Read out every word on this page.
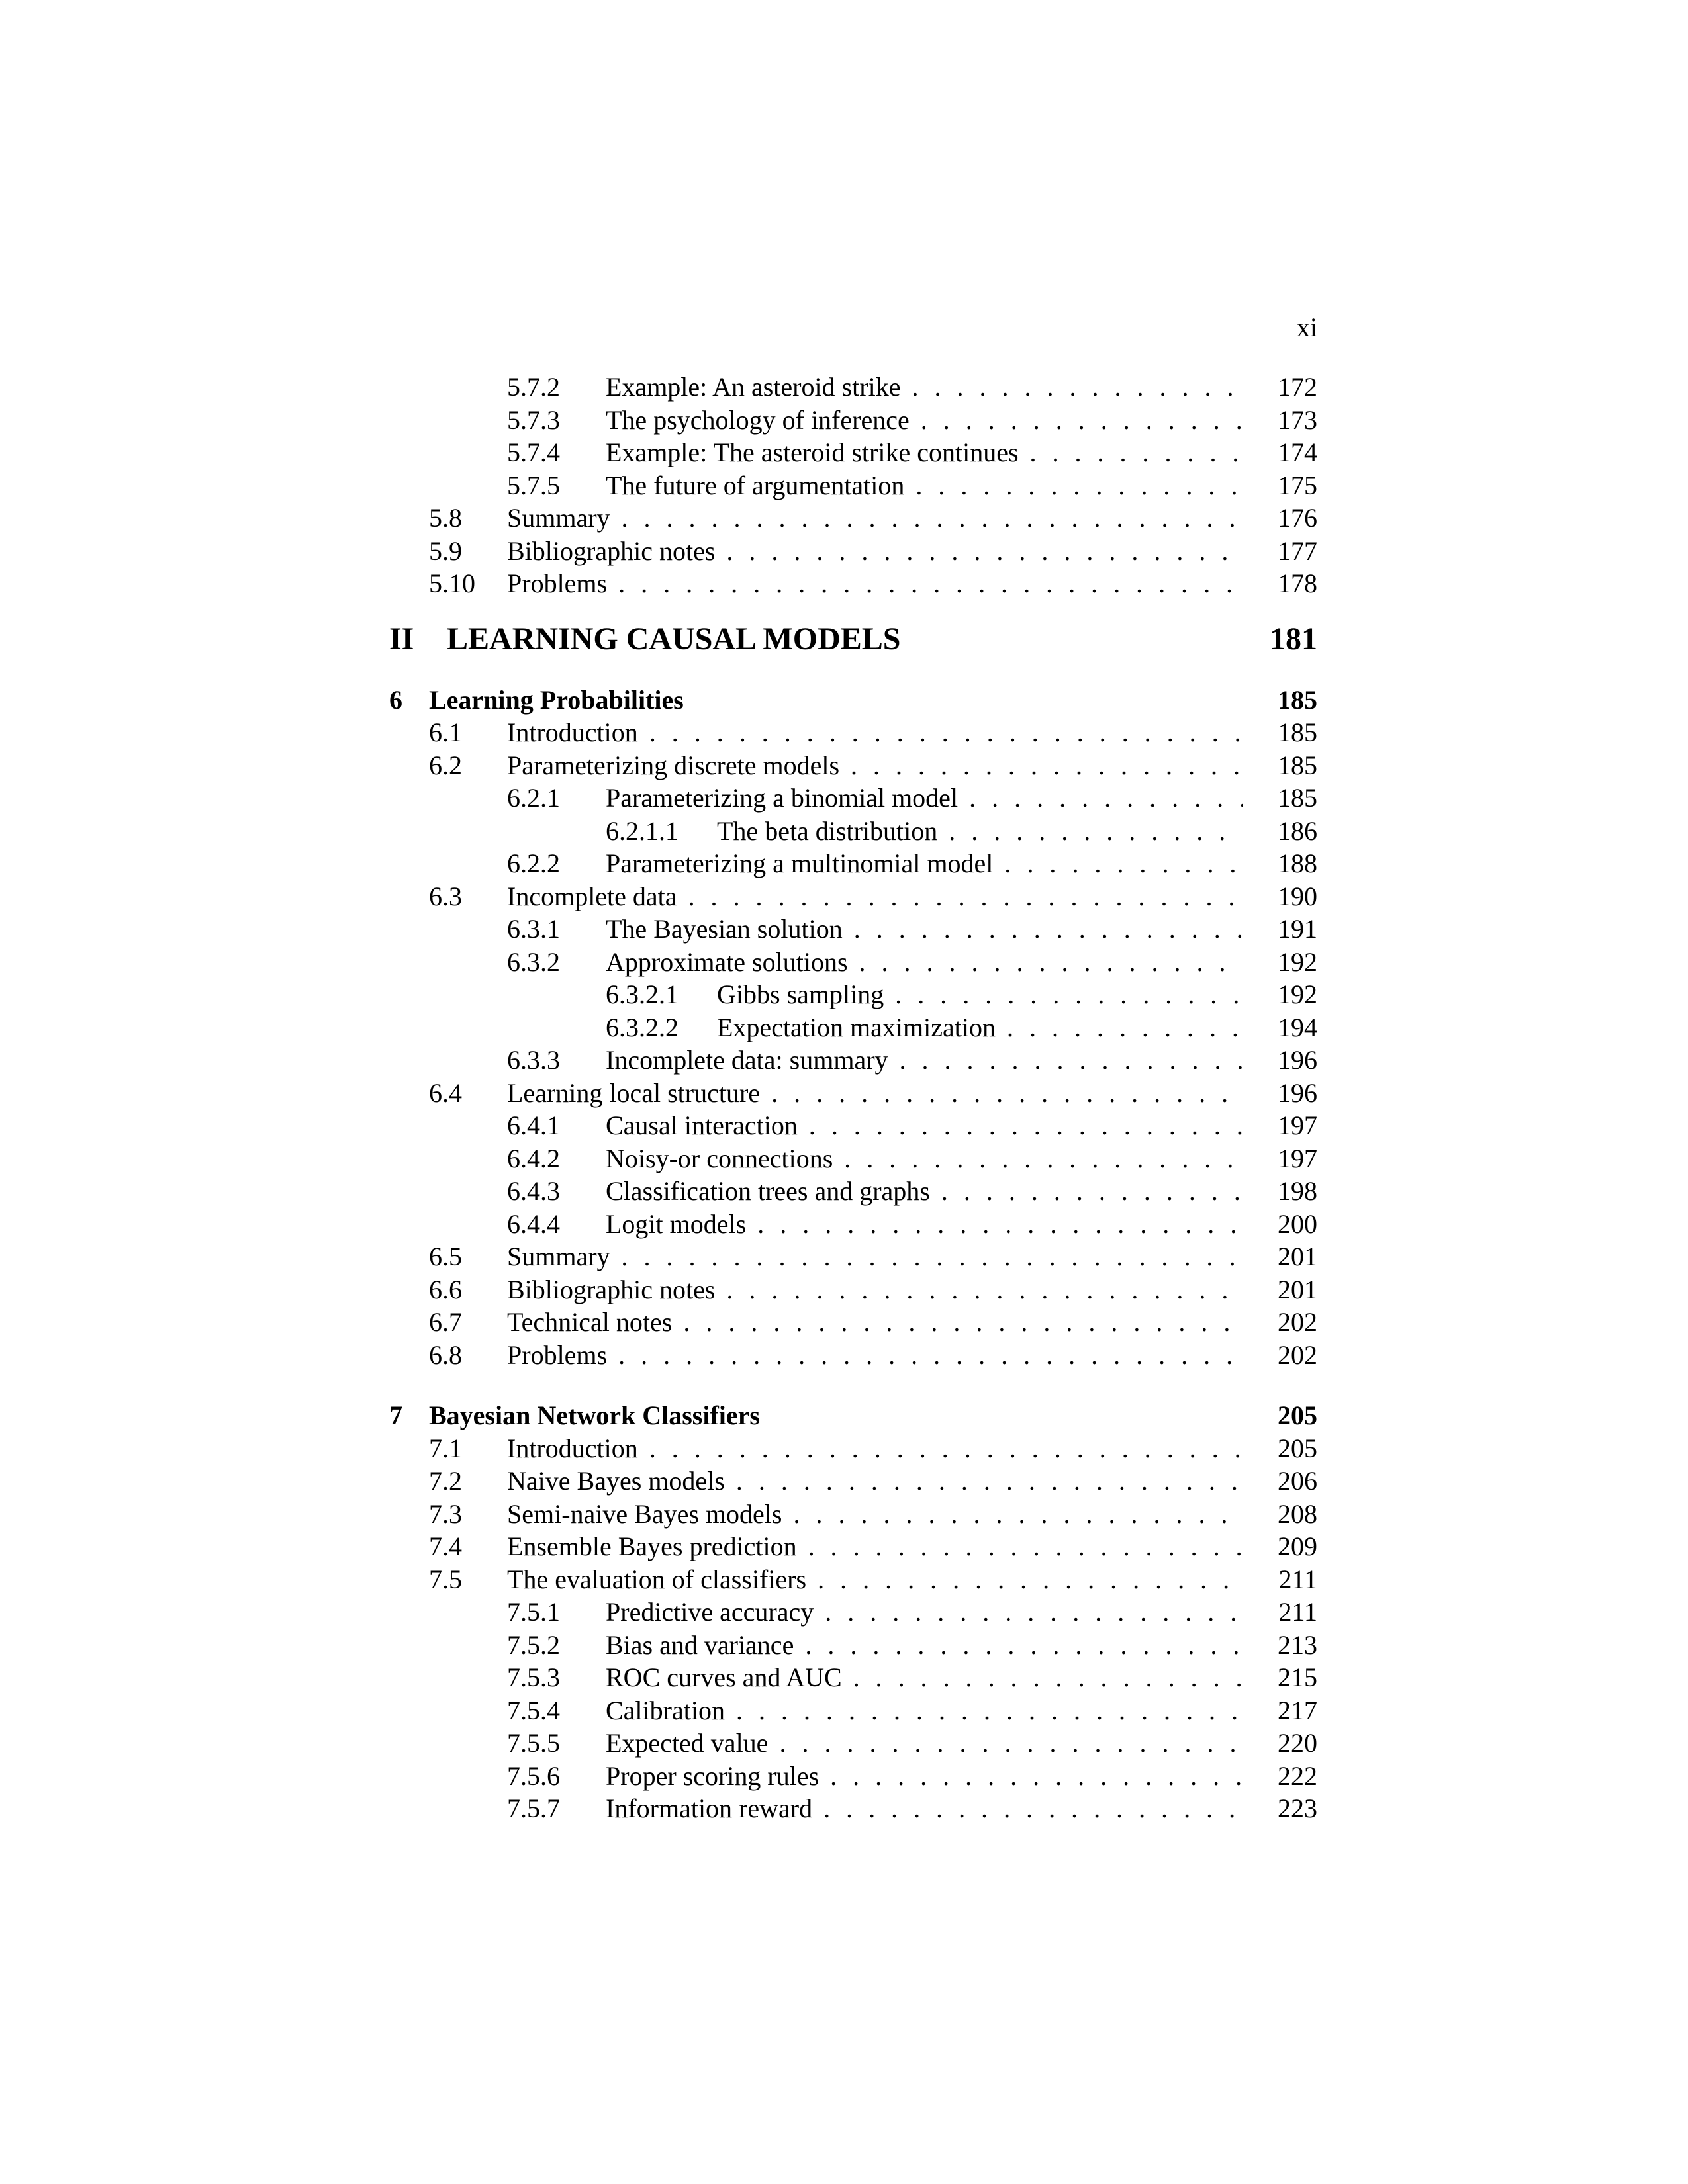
xi
5.7.2 Example: An asteroid strike . . .	172
5.7.3 The psychology of inference . . .	173
5.7.4 Example: The asteroid strike continues . . .	174
5.7.5 The future of argumentation . . .	175
5.8 Summary . . .	176
5.9 Bibliographic notes . . .	177
5.10 Problems . . .	178
II LEARNING CAUSAL MODELS	181
6 Learning Probabilities	185
6.1 Introduction . . .	185
6.2 Parameterizing discrete models . . .	185
6.2.1 Parameterizing a binomial model . . .	185
6.2.1.1 The beta distribution . . .	186
6.2.2 Parameterizing a multinomial model . . .	188
6.3 Incomplete data . . .	190
6.3.1 The Bayesian solution . . .	191
6.3.2 Approximate solutions . . .	192
6.3.2.1 Gibbs sampling . . .	192
6.3.2.2 Expectation maximization . . .	194
6.3.3 Incomplete data: summary . . .	196
6.4 Learning local structure . . .	196
6.4.1 Causal interaction . . .	197
6.4.2 Noisy-or connections . . .	197
6.4.3 Classification trees and graphs . . .	198
6.4.4 Logit models . . .	200
6.5 Summary . . .	201
6.6 Bibliographic notes . . .	201
6.7 Technical notes . . .	202
6.8 Problems . . .	202
7 Bayesian Network Classifiers	205
7.1 Introduction . . .	205
7.2 Naive Bayes models . . .	206
7.3 Semi-naive Bayes models . . .	208
7.4 Ensemble Bayes prediction . . .	209
7.5 The evaluation of classifiers . . .	211
7.5.1 Predictive accuracy . . .	211
7.5.2 Bias and variance . . .	213
7.5.3 ROC curves and AUC . . .	215
7.5.4 Calibration . . .	217
7.5.5 Expected value . . .	220
7.5.6 Proper scoring rules . . .	222
7.5.7 Information reward . . .	223
